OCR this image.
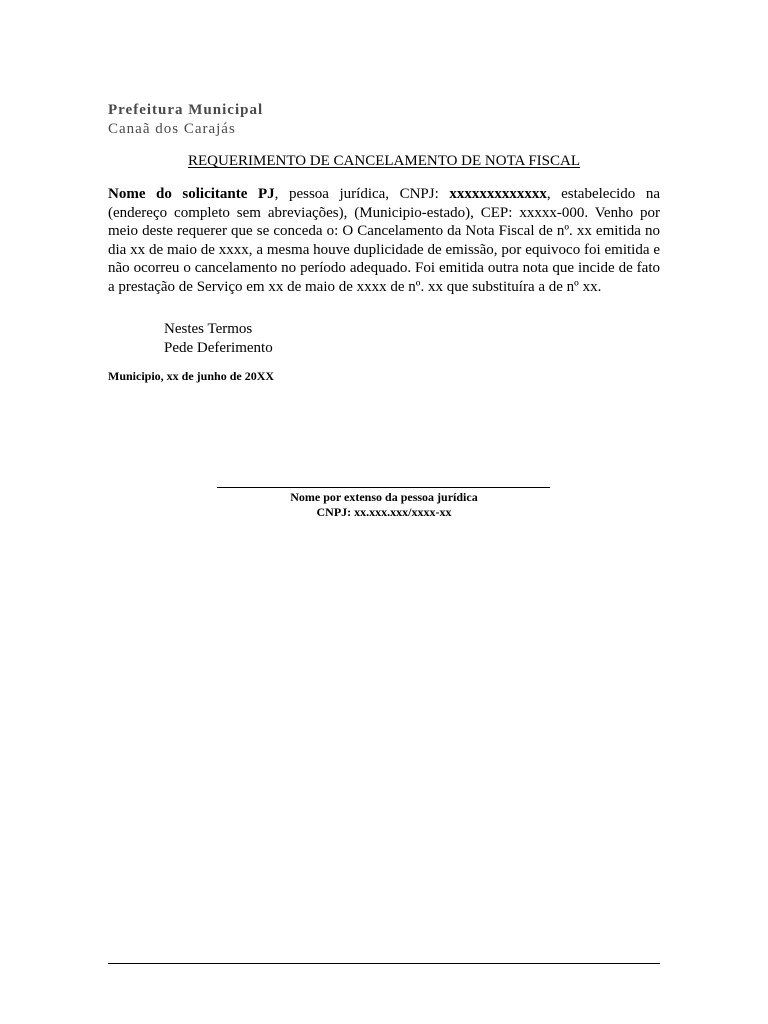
Prefeitura Municipal
Canaã dos Carajás
REQUERIMENTO DE CANCELAMENTO DE NOTA FISCAL
Nome do solicitante PJ, pessoa jurídica, CNPJ: xxxxxxxxxxxxx, estabelecido na (endereço completo sem abreviações), (Municipio-estado), CEP: xxxxx-000. Venho por meio deste requerer que se conceda o: O Cancelamento da Nota Fiscal de nº. xx emitida no dia xx de maio de xxxx, a mesma houve duplicidade de emissão, por equivoco foi emitida e não ocorreu o cancelamento no período adequado. Foi emitida outra nota que incide de fato a prestação de Serviço em xx de maio de xxxx de nº. xx que substituíra a de nº xx.
Nestes Termos
Pede Deferimento
Municipio, xx de junho de 20XX
Nome por extenso da pessoa jurídica
CNPJ: xx.xxx.xxx/xxxx-xx
